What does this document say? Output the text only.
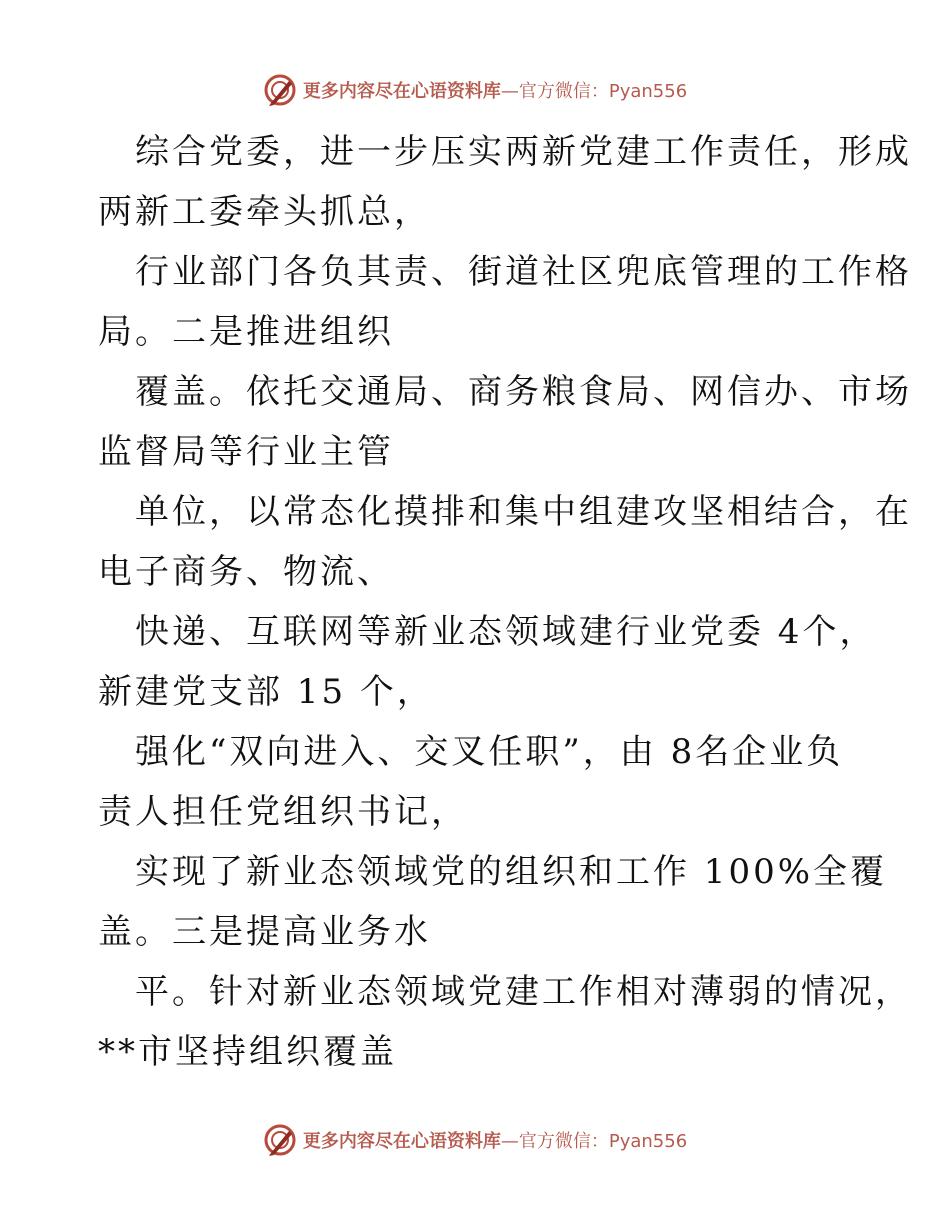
更多内容尽在心语资料库—官方微信：Pyan556
综合党委，进一步压实两新党建工作责任，形成
两新工委牵头抓总，
行业部门各负其责、街道社区兜底管理的工作格
局。二是推进组织
覆盖。依托交通局、商务粮食局、网信办、市场
监督局等行业主管
单位，以常态化摸排和集中组建攻坚相结合，在
电子商务、物流、
快递、互联网等新业态领域建行业党委 4个，
新建党支部 15 个，
强化“双向进入、交叉任职”，由 8名企业负
责人担任党组织书记，
实现了新业态领域党的组织和工作 100%全覆
盖。三是提高业务水
平。针对新业态领域党建工作相对薄弱的情况，
**市坚持组织覆盖
更多内容尽在心语资料库—官方微信：Pyan556
